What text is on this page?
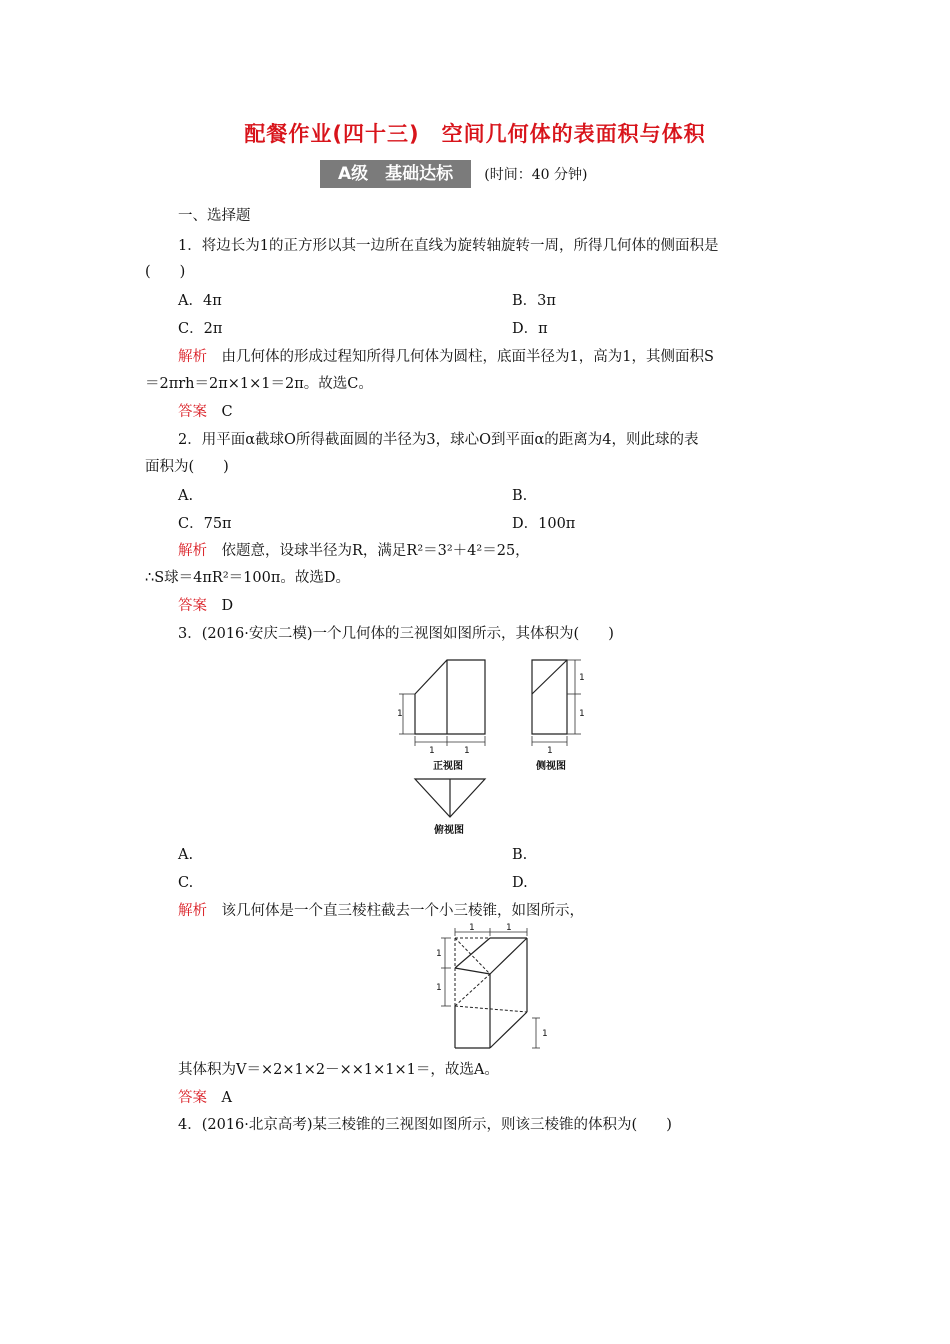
配餐作业(四十三)　空间几何体的表面积与体积
A级　基础达标 (时间：40 分钟)
一、选择题
1．将边长为1的正方形以其一边所在直线为旋转轴旋转一周，所得几何体的侧面积是
(　　)
A．4π	B．3π
C．2π	D．π
解析　由几何体的形成过程知所得几何体为圆柱，底面半径为1，高为1，其侧面积S
＝2πrh＝2π×1×1＝2π。故选C。
答案　C
2．用平面α截球O所得截面圆的半径为3，球心O到平面α的距离为4，则此球的表
面积为(　　)
A.	B.
C．75π	D．100π
解析　依题意，设球半径为R，满足R²＝3²＋4²＝25，
∴S球＝4πR²＝100π。故选D。
答案　D
3．(2016·安庆二模)一个几何体的三视图如图所示，其体积为(　　)
1
1	1
1
1
1
正视图	侧视图
俯视图
A.	B.
C.	D.
解析　该几何体是一个直三棱柱截去一个小三棱锥，如图所示，
1	1
1
1
1
其体积为V＝×2×1×2－××1×1×1＝，故选A。
答案　A
4．(2016·北京高考)某三棱锥的三视图如图所示，则该三棱锥的体积为(　　)
